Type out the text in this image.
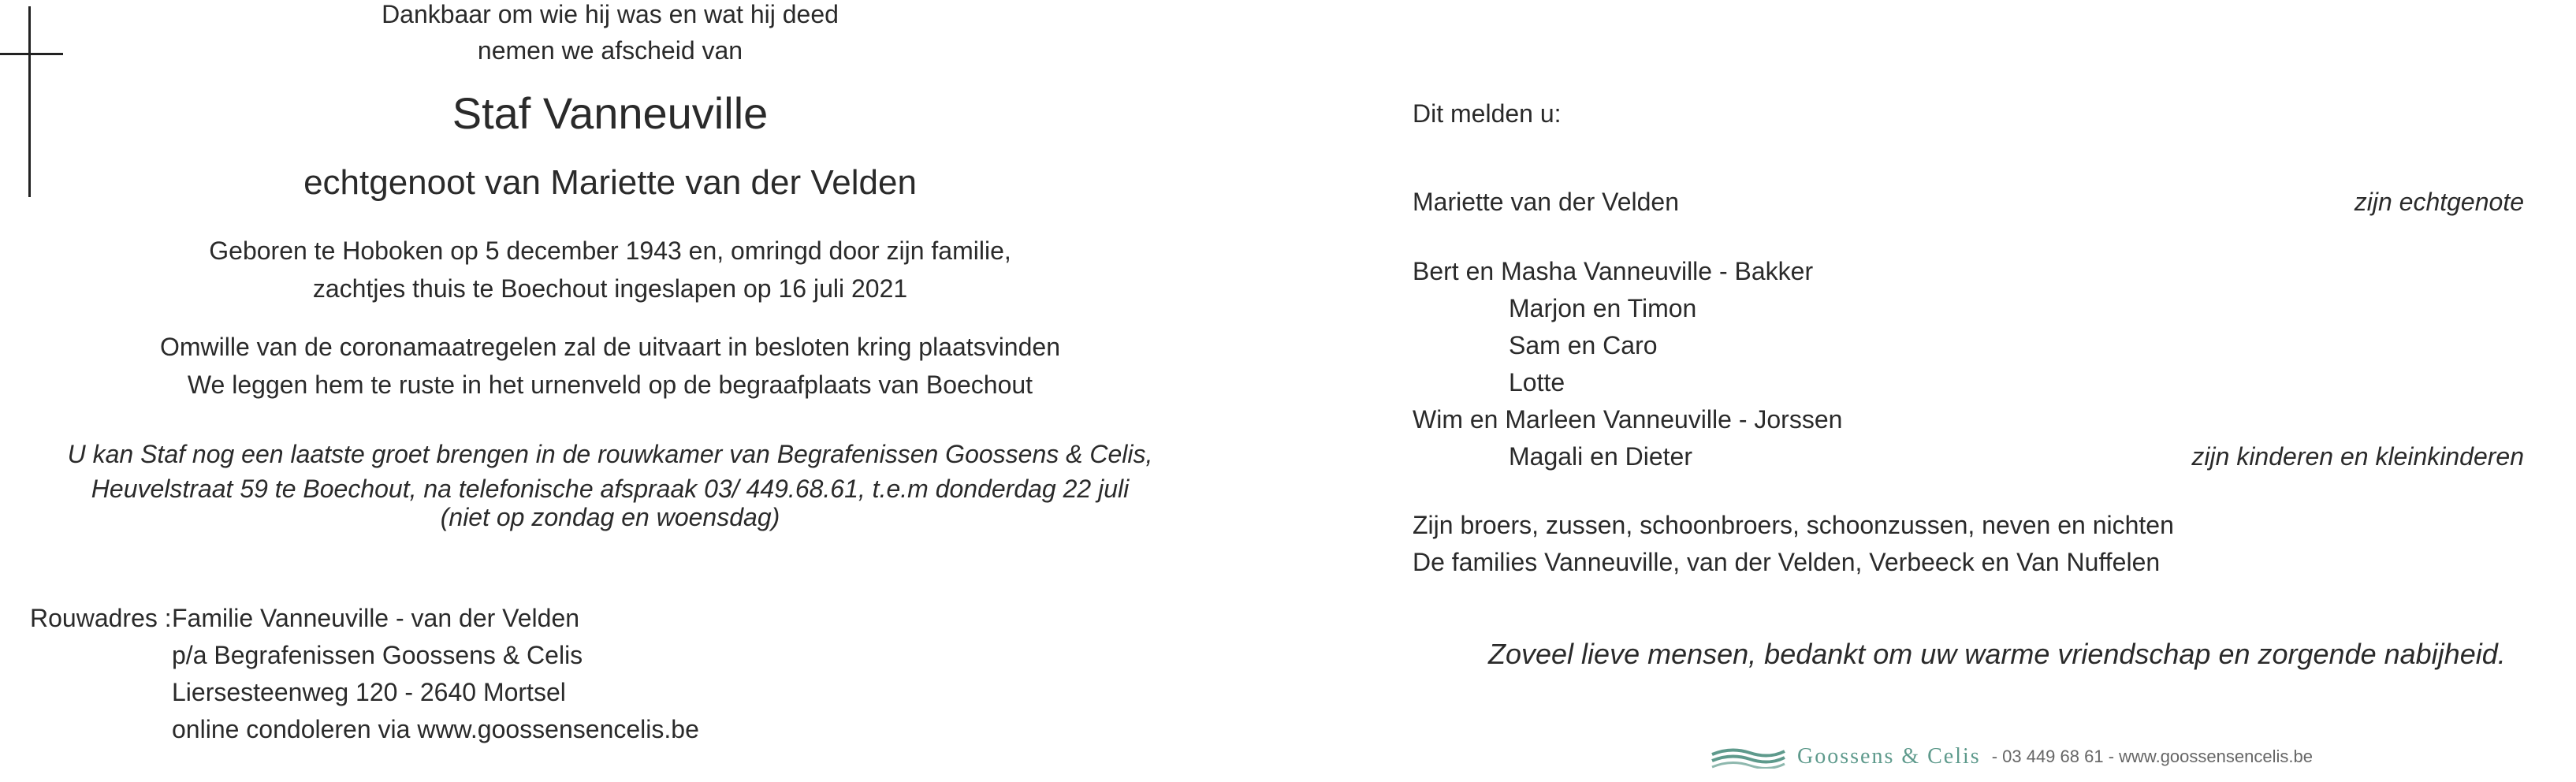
Dankbaar om wie hij was en wat hij deed
nemen we afscheid van
Staf Vanneuville
echtgenoot van Mariette van der Velden
Geboren te Hoboken op 5 december 1943 en, omringd door zijn familie,
zachtjes thuis te Boechout ingeslapen op 16 juli 2021
Omwille van de coronamaatregelen zal de uitvaart in besloten kring plaatsvinden
We leggen hem te ruste in het urnenveld op de begraafplaats van Boechout
U kan Staf nog een laatste groet brengen in de rouwkamer van Begrafenissen Goossens & Celis,
Heuvelstraat 59 te Boechout, na telefonische afspraak 03/ 449.68.61, t.e.m donderdag 22 juli
(niet op zondag en woensdag)
Rouwadres : Familie Vanneuville - van der Velden
p/a Begrafenissen Goossens & Celis
Liersesteenweg 120 - 2640 Mortsel
online condoleren via www.goossensencelis.be
Dit melden u:
Mariette van der Velden	zijn echtgenote
Bert en Masha Vanneuville - Bakker
Marjon en Timon
Sam en Caro
Lotte
Wim en Marleen Vanneuville - Jorssen
Magali en Dieter	zijn kinderen en kleinkinderen
Zijn broers, zussen, schoonbroers, schoonzussen, neven en nichten
De families Vanneuville, van der Velden, Verbeeck en Van Nuffelen
Zoveel lieve mensen, bedankt om uw warme vriendschap en zorgende nabijheid.
Goossens & Celis - 03 449 68 61 - www.goossensencelis.be
